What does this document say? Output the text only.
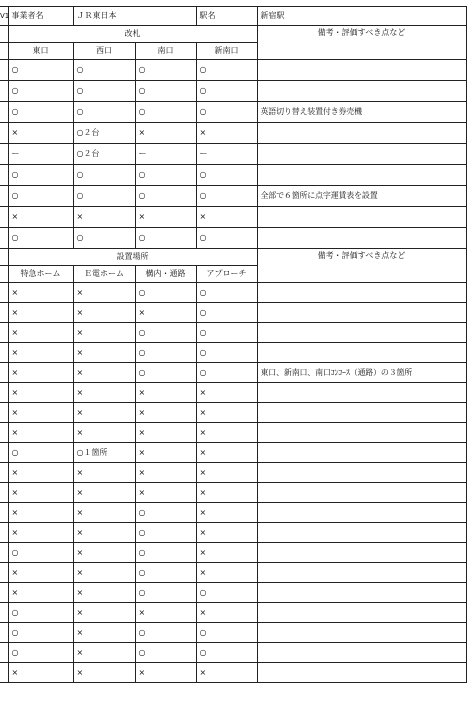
V1	事業者名	ＪＲ東日本		駅名	新宿駅
	改札				備考・評価すべき点など
	東口	西口	南口	新南口	
	○	○	○	○	
	○	○	○	○	
	○	○	○	○	英語切り替え装置付き券売機
	×	○２台	×	×	
	ー	○２台	ー	ー	
	○	○	○	○	
	○	○	○	○	全部で６箇所に点字運賃表を設置
	×	×	×	×	
	○	○	○	○	
	設置場所				備考・評価すべき点など
	特急ホーム	Ｅ電ホーム	構内・通路	アプローチ	
	×	×	○	○	
	×	×	×	○	
	×	×	○	○	
	×	×	○	○	
	×	×	○	○	東口、新南口、南口ｺﾝｺｰｽ（通路）の３箇所
	×	×	×	×	
	×	×	×	×	
	×	×	×	×	
	○	○１箇所	×	×	
	×	×	×	×	
	×	×	×	×	
	×	×	○	×	
	×	×	○	×	
	○	×	○	×	
	×	×	○	×	
	×	×	○	○	
	○	×	×	×	
	○	×	○	○	
	○	×	○	○	
	×	×	×	×	
